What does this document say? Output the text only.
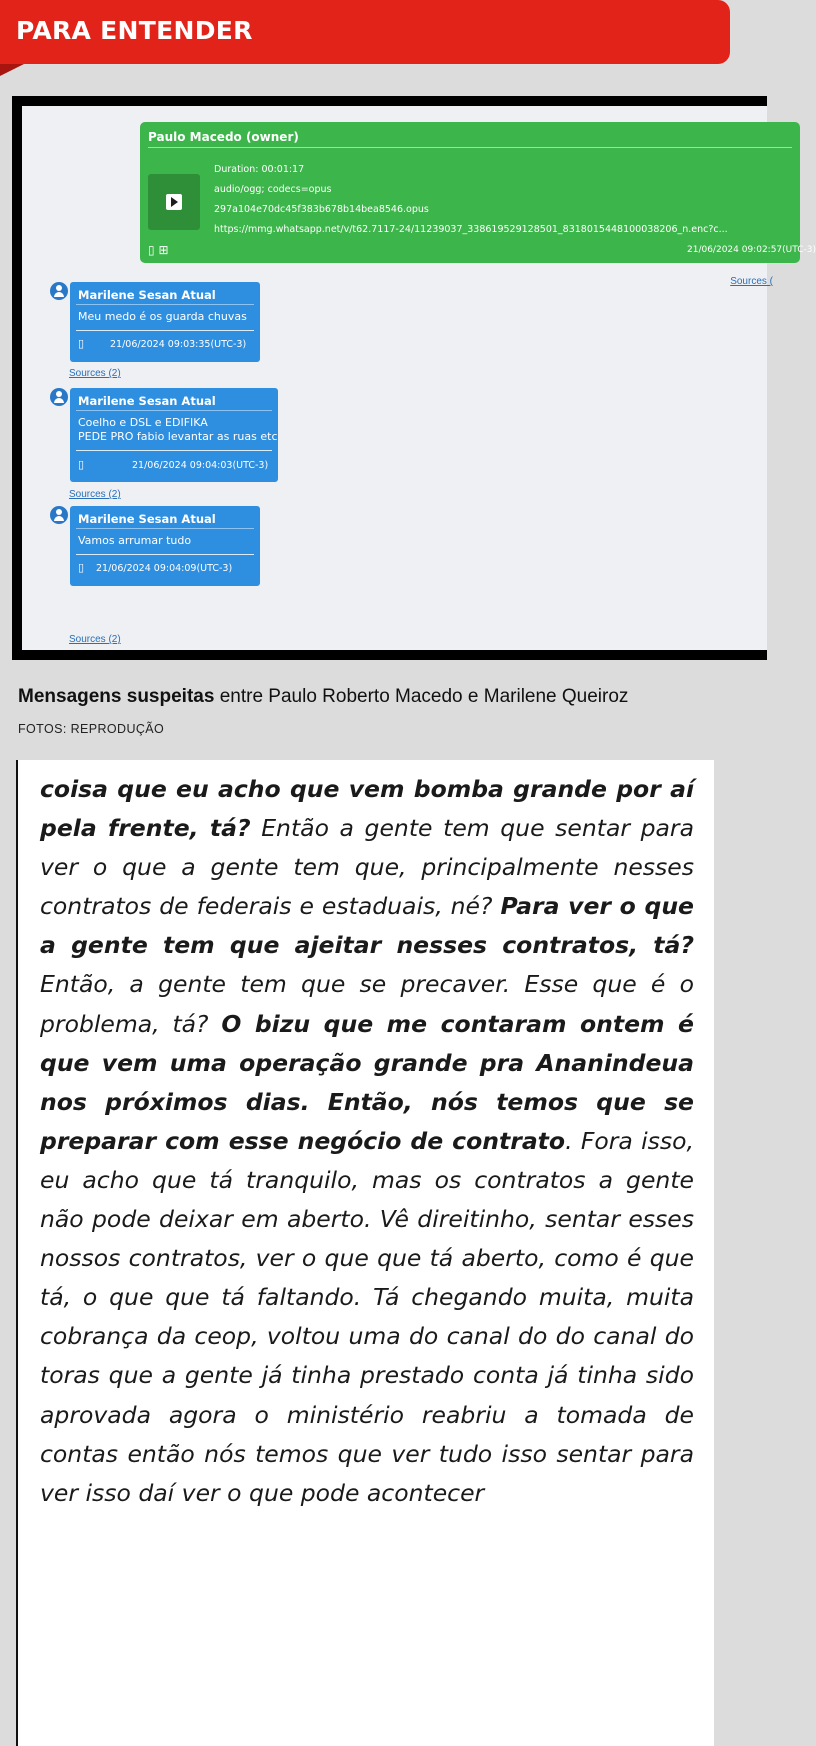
PARA ENTENDER
Paulo Macedo (owner)
Duration: 00:01:17
audio/ogg; codecs=opus
297a104e70dc45f383b678b14bea8546.opus
https://mmg.whatsapp.net/v/t62.7117-24/11239037_338619529128501_8318015448100038206_n.enc?c...
▯ ⊞	21/06/2024 09:02:57(UTC-3)
Sources (
Marilene Sesan Atual
Meu medo é os guarda chuvas
▯	21/06/2024 09:03:35(UTC-3)
Sources (2)
Marilene Sesan Atual
Coelho e DSL e EDIFIKA
PEDE PRO fabio levantar as ruas etc
▯	21/06/2024 09:04:03(UTC-3)
Sources (2)
Marilene Sesan Atual
Vamos arrumar tudo
▯ 21/06/2024 09:04:09(UTC-3)
Sources (2)
Mensagens suspeitas entre Paulo Roberto Macedo e Marilene Queiroz
FOTOS: REPRODUÇÃO
coisa que eu acho que vem bomba grande por aí pela frente, tá? Então a gente tem que sentar para ver o que a gente tem que, principalmente nesses contratos de federais e estaduais, né? Para ver o que a gente tem que ajeitar nesses contratos, tá? Então, a gente tem que se precaver. Esse que é o problema, tá? O bizu que me contaram ontem é que vem uma operação grande pra Ananindeua nos próximos dias. Então, nós temos que se preparar com esse negócio de contrato. Fora isso, eu acho que tá tranquilo, mas os contratos a gente não pode deixar em aberto. Vê direitinho, sentar esses nossos contratos, ver o que que tá aberto, como é que tá, o que que tá faltando. Tá chegando muita, muita cobrança da ceop, voltou uma do canal do do canal do toras que a gente já tinha prestado conta já tinha sido aprovada agora o ministério reabriu a tomada de contas então nós temos que ver tudo isso sentar para ver isso daí ver o que pode acontecer
